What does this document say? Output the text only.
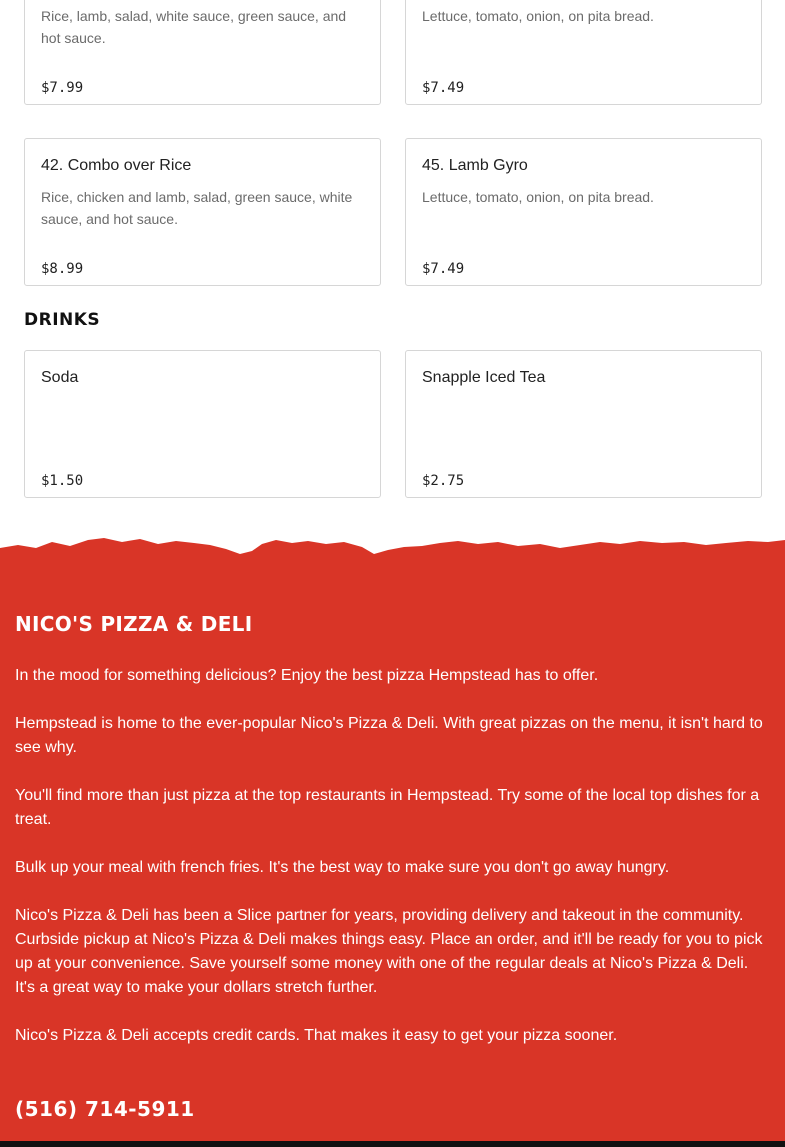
Rice, lamb, salad, white sauce, green sauce, and hot sauce.
$7.99
Lettuce, tomato, onion, on pita bread.
$7.49
42. Combo over Rice
Rice, chicken and lamb, salad, green sauce, white sauce, and hot sauce.
$8.99
45. Lamb Gyro
Lettuce, tomato, onion, on pita bread.
$7.49
DRINKS
Soda
$1.50
Snapple Iced Tea
$2.75
NICO'S PIZZA & DELI

In the mood for something delicious? Enjoy the best pizza Hempstead has to offer.

Hempstead is home to the ever-popular Nico's Pizza & Deli. With great pizzas on the menu, it isn't hard to see why.

You'll find more than just pizza at the top restaurants in Hempstead. Try some of the local top dishes for a treat.

Bulk up your meal with french fries. It's the best way to make sure you don't go away hungry.

Nico's Pizza & Deli has been a Slice partner for years, providing delivery and takeout in the community. Curbside pickup at Nico's Pizza & Deli makes things easy. Place an order, and it'll be ready for you to pick up at your convenience. Save yourself some money with one of the regular deals at Nico's Pizza & Deli. It's a great way to make your dollars stretch further.

Nico's Pizza & Deli accepts credit cards. That makes it easy to get your pizza sooner.

(516) 714-5911
